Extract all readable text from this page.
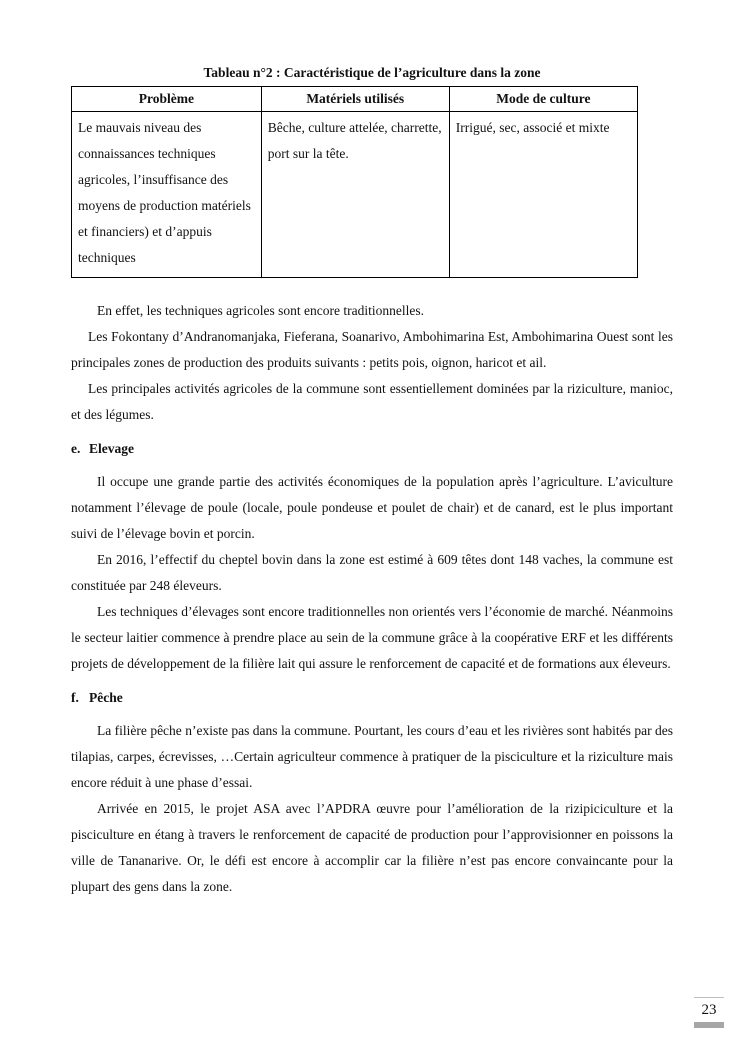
Tableau n°2 : Caractéristique de l’agriculture dans la zone

Problème	Matériels utilisés	Mode de culture
Le mauvais niveau des connaissances techniques agricoles, l’insuffisance des moyens de production matériels et financiers) et d’appuis techniques	Bêche, culture attelée, charrette, port sur la tête.	Irrigué, sec, associé et mixte

En effet, les techniques agricoles sont encore traditionnelles.

Les Fokontany d’Andranomanjaka, Fieferana, Soanarivo, Ambohimarina Est, Ambohimarina Ouest sont les principales zones de production des produits suivants : petits pois, oignon, haricot et ail.

Les principales activités agricoles de la commune sont essentiellement dominées par la riziculture, manioc, et des légumes.

e. Elevage

Il occupe une grande partie des activités économiques de la population après l’agriculture. L’aviculture notamment l’élevage de poule (locale, poule pondeuse et poulet de chair) et de canard, est le plus important suivi de l’élevage bovin et porcin.

En 2016, l’effectif du cheptel bovin dans la zone est estimé à 609 têtes dont 148 vaches, la commune est constituée par 248 éleveurs.

Les techniques d’élevages sont encore traditionnelles non orientés vers l’économie de marché. Néanmoins le secteur laitier commence à prendre place au sein de la commune grâce à la coopérative ERF et les différents projets de développement de la filière lait qui assure le renforcement de capacité et de formations aux éleveurs.

f. Pêche

La filière pêche n’existe pas dans la commune. Pourtant, les cours d’eau et les rivières sont habités par des tilapias, carpes, écrevisses, …Certain agriculteur commence à pratiquer de la pisciculture et la riziculture mais encore réduit à une phase d’essai.

Arrivée en 2015, le projet ASA avec l’APDRA œuvre pour l’amélioration de la rizipiciculture et la pisciculture en étang à travers le renforcement de capacité de production pour l’approvisionner en poissons la ville de Tananarive. Or, le défi est encore à accomplir car la filière n’est pas encore convaincante pour la plupart des gens dans la zone.

23
